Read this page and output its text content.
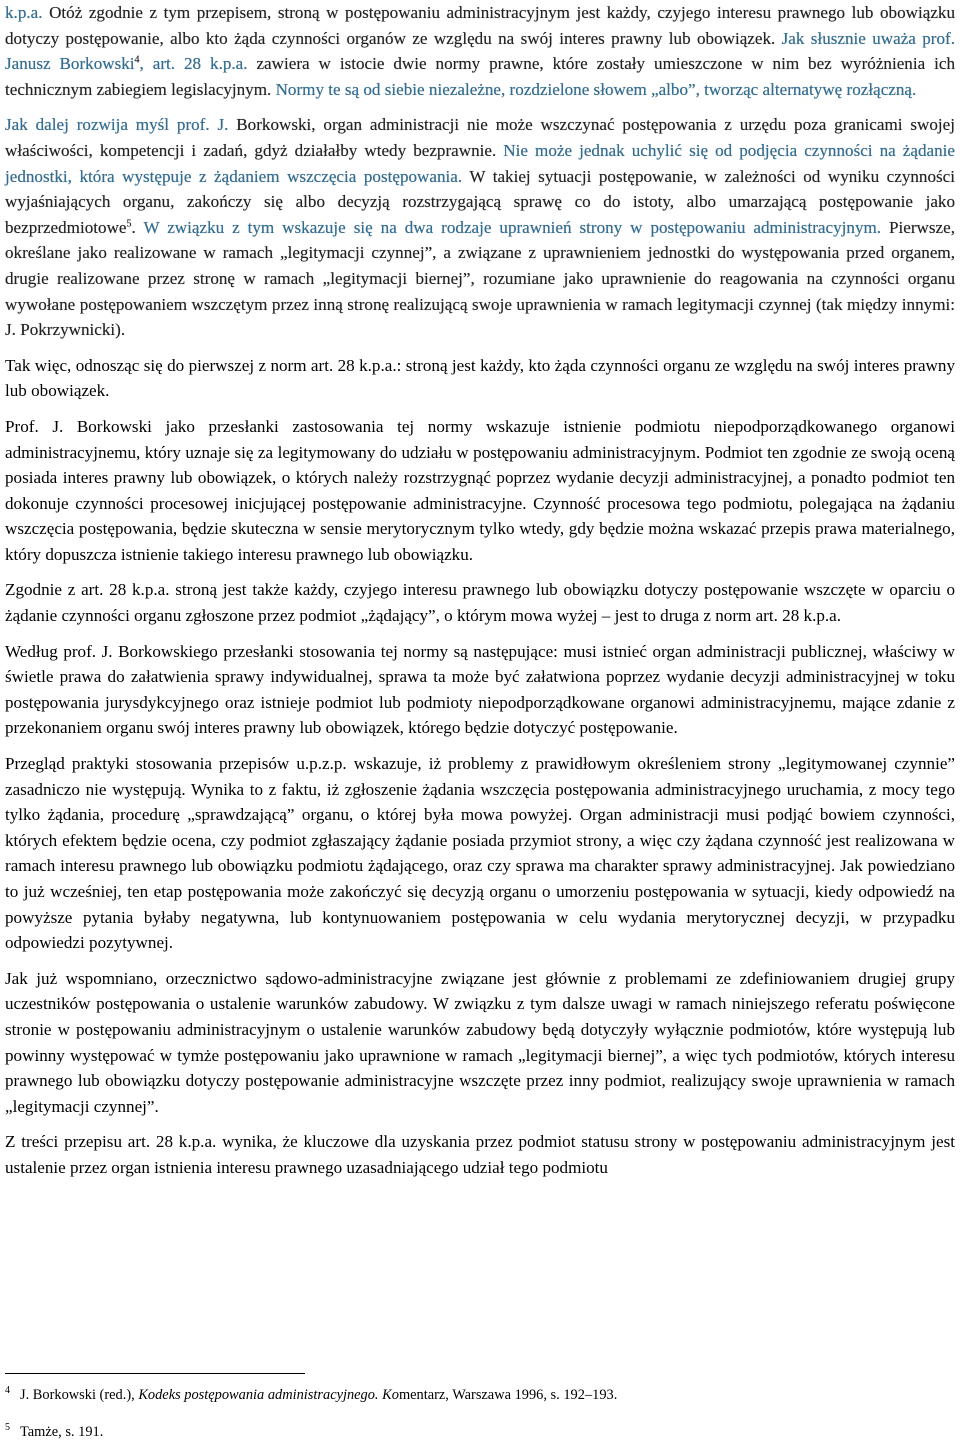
k.p.a. Otóż zgodnie z tym przepisem, stroną w postępowaniu administracyjnym jest każdy, czyjego interesu prawnego lub obowiązku dotyczy postępowanie, albo kto żąda czynności organów ze względu na swój interes prawny lub obowiązek. Jak słusznie uważa prof. Janusz Borkowski$^4$, art. 28 k.p.a. zawiera w istocie dwie normy prawne, które zostały umieszczone w nim bez wyróżnienia ich technicznym zabiegiem legislacyjnym. Normy te są od siebie niezależne, rozdzielone słowem „albo”, tworząc alternatywę rozłączną.

Jak dalej rozwija myśl prof. J. Borkowski, organ administracji nie może wszczynać postępowania z urzędu poza granicami swojej właściwości, kompetencji i zadań, gdyż działałby wtedy bezprawnie. Nie może jednak uchylić się od podjęcia czynności na żądanie jednostki, która występuje z żądaniem wszczęcia postępowania. W takiej sytuacji postępowanie, w zależności od wyniku czynności wyjaśniających organu, zakończy się albo decyzją rozstrzygającą sprawę co do istoty, albo umarzającą postępowanie jako bezprzedmiotowe$^5$. W związku z tym wskazuje się na dwa rodzaje uprawnień strony w postępowaniu administracyjnym. Pierwsze, określane jako realizowane w ramach „legitymacji czynnej”, a związane z uprawnieniem jednostki do występowania przed organem, drugie realizowane przez stronę w ramach „legitymacji biernej”, rozumiane jako uprawnienie do reagowania na czynności organu wywołane postępowaniem wszczętym przez inną stronę realizującą swoje uprawnienia w ramach legitymacji czynnej (tak między innymi: J. Pokrzywnicki).

Tak więc, odnosząc się do pierwszej z norm art. 28 k.p.a.: stroną jest każdy, kto żąda czynności organu ze względu na swój interes prawny lub obowiązek.

Prof. J. Borkowski jako przesłanki zastosowania tej normy wskazuje istnienie podmiotu niepodporządkowanego organowi administracyjnemu, który uznaje się za legitymowany do udziału w postępowaniu administracyjnym. Podmiot ten zgodnie ze swoją oceną posiada interes prawny lub obowiązek, o których należy rozstrzygnąć poprzez wydanie decyzji administracyjnej, a ponadto podmiot ten dokonuje czynności procesowej inicjującej postępowanie administracyjne. Czynność procesowa tego podmiotu, polegająca na żądaniu wszczęcia postępowania, będzie skuteczna w sensie merytorycznym tylko wtedy, gdy będzie można wskazać przepis prawa materialnego, który dopuszcza istnienie takiego interesu prawnego lub obowiązku.

Zgodnie z art. 28 k.p.a. stroną jest także każdy, czyjego interesu prawnego lub obowiązku dotyczy postępowanie wszczęte w oparciu o żądanie czynności organu zgłoszone przez podmiot „żądający”, o którym mowa wyżej – jest to druga z norm art. 28 k.p.a.

Według prof. J. Borkowskiego przesłanki stosowania tej normy są następujące: musi istnieć organ administracji publicznej, właściwy w świetle prawa do załatwienia sprawy indywidualnej, sprawa ta może być załatwiona poprzez wydanie decyzji administracyjnej w toku postępowania jurysdykcyjnego oraz istnieje podmiot lub podmioty niepodporządkowane organowi administracyjnemu, mające zdanie z przekonaniem organu swój interes prawny lub obowiązek, którego będzie dotyczyć postępowanie.

Przegląd praktyki stosowania przepisów u.p.z.p. wskazuje, iż problemy z prawidłowym określeniem strony „legitymowanej czynnie” zasadniczo nie występują. Wynika to z faktu, iż zgłoszenie żądania wszczęcia postępowania administracyjnego uruchamia, z mocy tego tylko żądania, procedurę „sprawdzającą” organu, o której była mowa powyżej. Organ administracji musi podjąć bowiem czynności, których efektem będzie ocena, czy podmiot zgłaszający żądanie posiada przymiot strony, a więc czy żądana czynność jest realizowana w ramach interesu prawnego lub obowiązku podmiotu żądającego, oraz czy sprawa ma charakter sprawy administracyjnej. Jak powiedziano to już wcześniej, ten etap postępowania może zakończyć się decyzją organu o umorzeniu postępowania w sytuacji, kiedy odpowiedź na powyższe pytania byłaby negatywna, lub kontynuowaniem postępowania w celu wydania merytorycznej decyzji, w przypadku odpowiedzi pozytywnej.

Jak już wspomniano, orzecznictwo sądowo-administracyjne związane jest głównie z problemami ze zdefiniowaniem drugiej grupy uczestników postępowania o ustalenie warunków zabudowy. W związku z tym dalsze uwagi w ramach niniejszego referatu poświęcone stronie w postępowaniu administracyjnym o ustalenie warunków zabudowy będą dotyczyły wyłącznie podmiotów, które występują lub powinny występować w tymże postępowaniu jako uprawnione w ramach „legitymacji biernej”, a więc tych podmiotów, których interesu prawnego lub obowiązku dotyczy postępowanie administracyjne wszczęte przez inny podmiot, realizujący swoje uprawnienia w ramach „legitymacji czynnej”.

Z treści przepisu art. 28 k.p.a. wynika, że kluczowe dla uzyskania przez podmiot statusu strony w postępowaniu administracyjnym jest ustalenie przez organ istnienia interesu prawnego uzasadniającego udział tego podmiotu

$^4$ J. Borkowski (red.), Kodeks postępowania administracyjnego. Komentarz, Warszawa 1996, s. 192–193.
$^5$ Tamże, s. 191.
